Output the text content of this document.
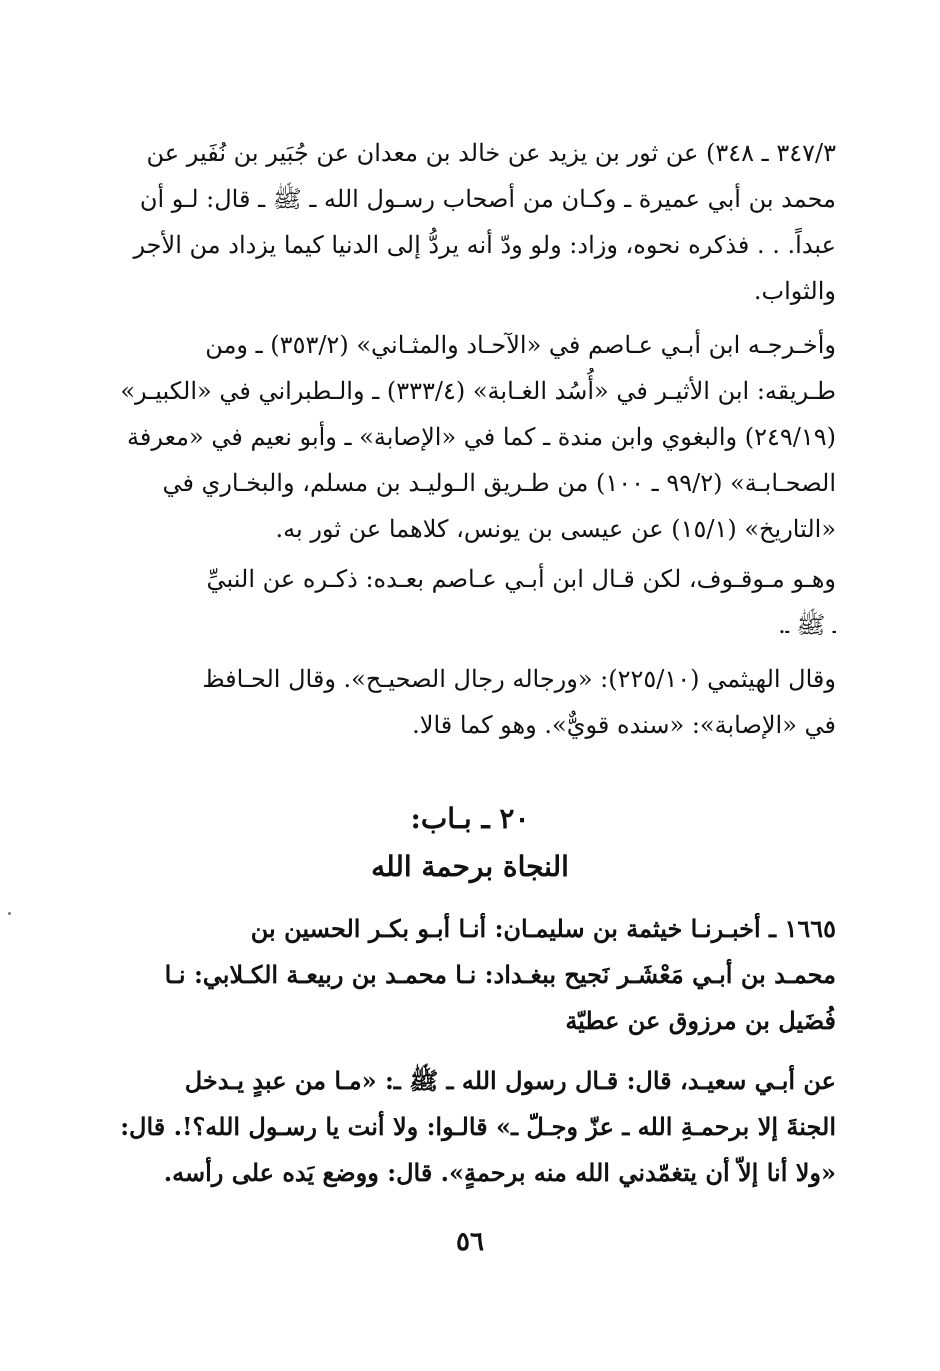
٣٤٧/٣ ـ ٣٤٨) عن ثور بن يزيد عن خالد بن معدان عن جُبَير بن نُفَير عن
محمد بن أبي عميرة ـ وكـان من أصحاب رسـول الله ـ ﷺ ـ قال: لـو أن
عبداً. . . فذكره نحوه، وزاد: ولو ودّ أنه يردُّ إلى الدنيا كيما يزداد من الأجر
والثواب.
وأخـرجـه ابن أبـي عـاصم في «الآحـاد والمثـاني» (٣٥٣/٢) ـ ومن
طـريقه: ابن الأثيـر في «أُسُد الغـابة» (٣٣٣/٤) ـ والـطبراني في «الكبيـر»
(٢٤٩/١٩) والبغوي وابن مندة ـ كما في «الإصابة» ـ وأبو نعيم في «معرفة
الصحـابـة» (٩٩/٢ ـ ١٠٠) من طـريق الـوليـد بن مسلم، والبخـاري في
«التاريخ» (١٥/١) عن عيسى بن يونس، كلاهما عن ثور به.
وهـو مـوقـوف، لكن قـال ابن أبـي عـاصم بعـده: ذكـره عن النبيِّ
ـ ﷺ ـ.
وقال الهيثمي (٢٢٥/١٠): «ورجاله رجال الصحيـح». وقال الحـافظ
في «الإصابة»: «سنده قويٌّ». وهو كما قالا.
٢٠ ـ بـاب:
النجاة برحمة الله
١٦٦٥ ـ أخبـرنـا خيثمة بن سليمـان: أنـا أبـو بكـر الحسين بن
محمـد بن أبـي مَعْشَـر نَجيح ببغـداد: نـا محمـد بن ربيعـة الكـلابي: نـا
فُضَيل بن مرزوق عن عطيّة
عن أبـي سعيـد، قال: قـال رسول الله ـ ﷺ ـ: «مـا من عبدٍ يـدخل
الجنةَ إلا برحمـةِ الله ـ عزّ وجـلّ ـ» قالـوا: ولا أنت يا رسـول الله؟!. قال:
«ولا أنا إلاّ أن يتغمّدني الله منه برحمةٍ». قال: ووضع يَده على رأسه.
٥٦
